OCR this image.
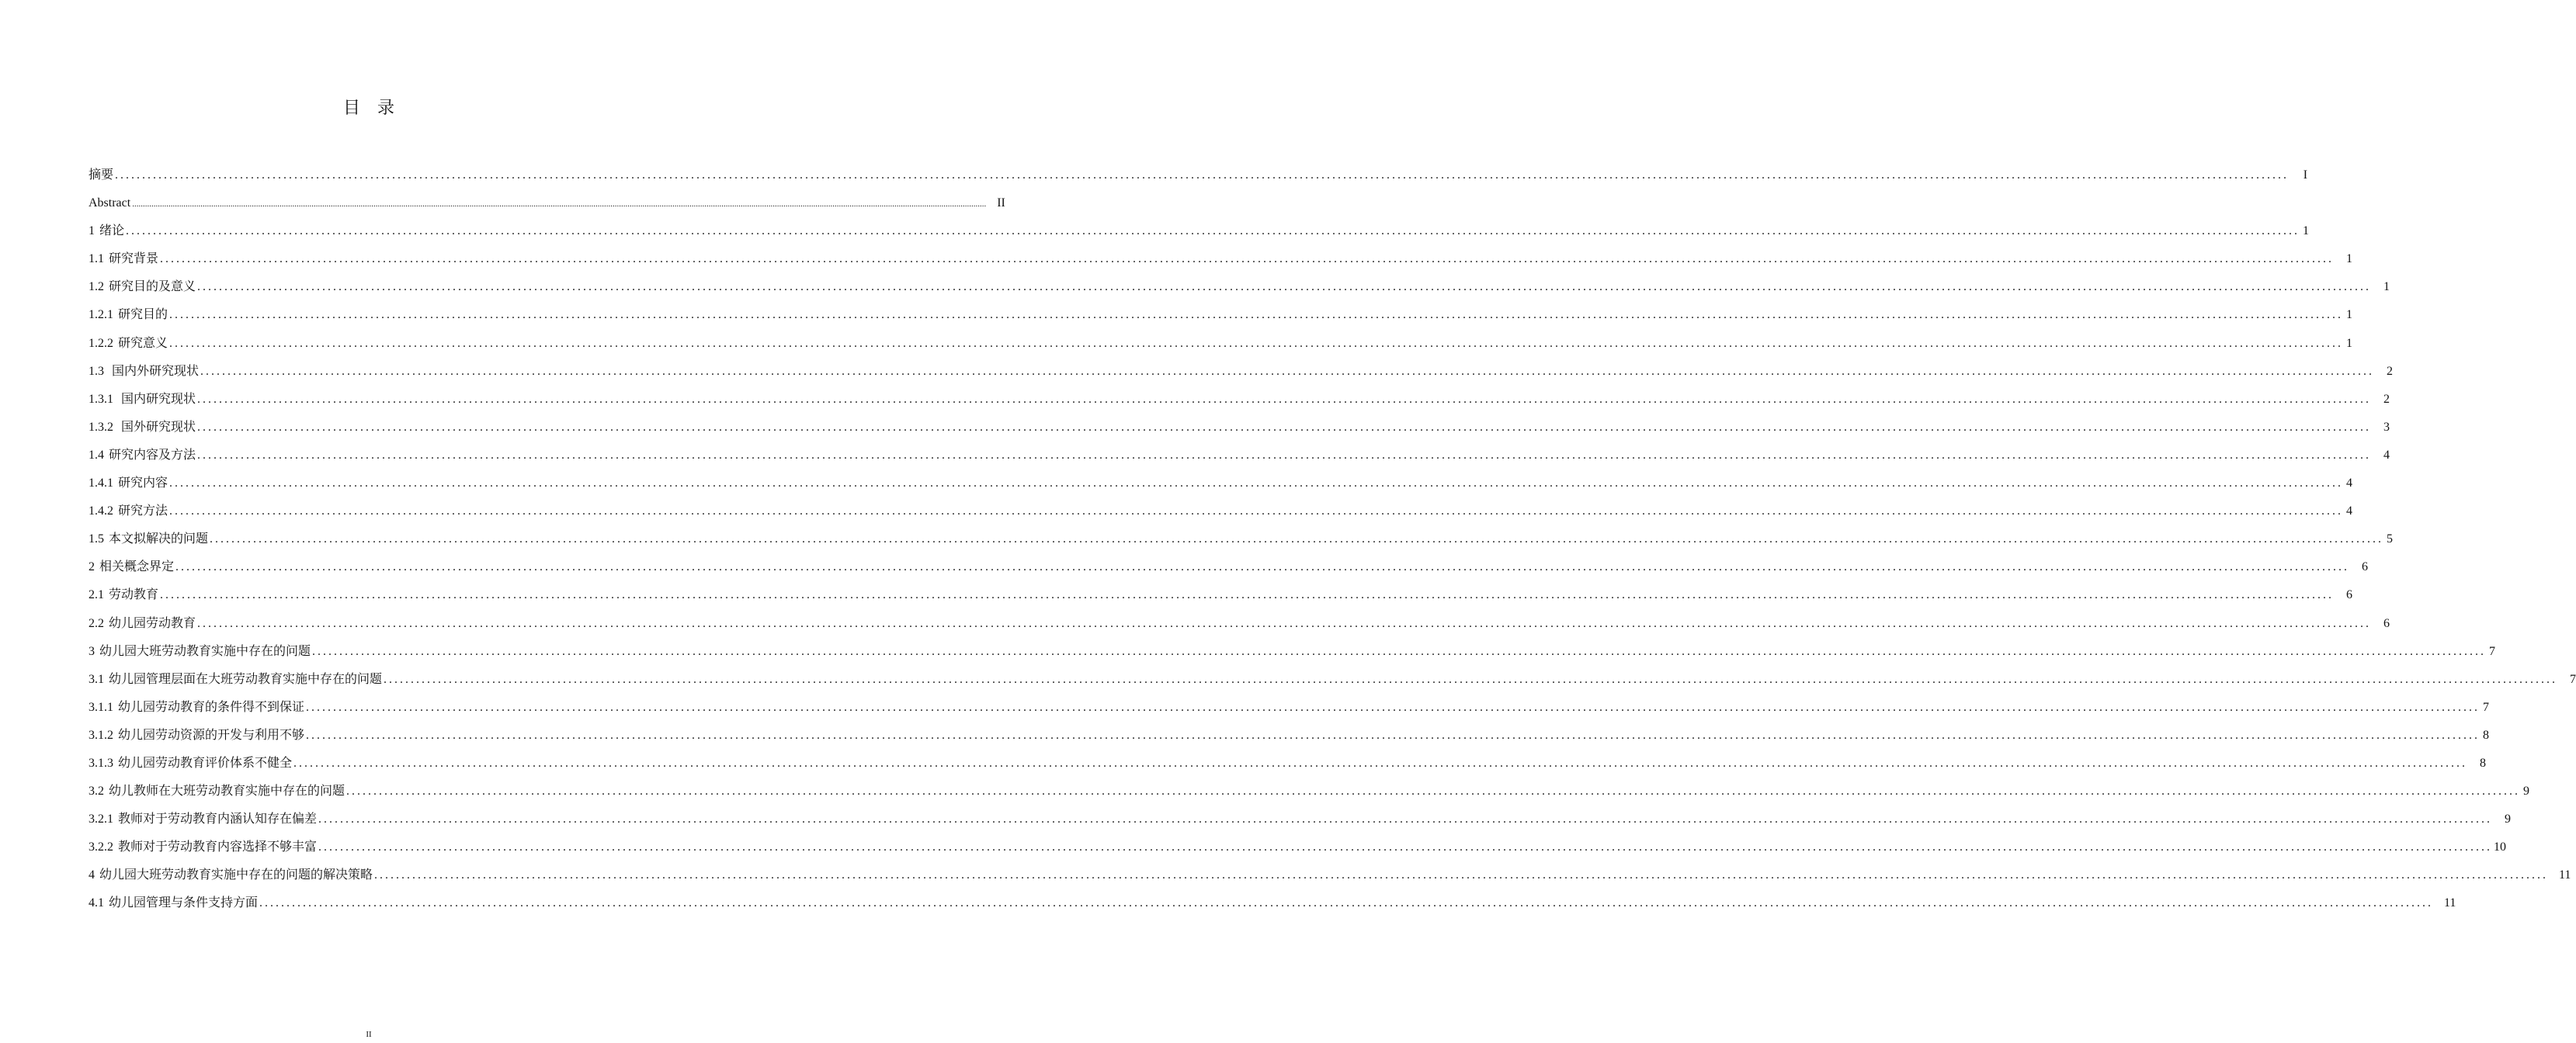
目　录
摘要 ................................................................................................................................................................................................................................................................................................................................................................................................................ I
Abstract ................................................................................................................................................................................................................................................................................................................................................................................................................ II
1 绪论 ................................................................................................................................................................................................................................................................................................................................................................................................................ 1
1.1 研究背景 ................................................................................................................................................................................................................................................................................................................................................................................................................ 1
1.2 研究目的及意义 ................................................................................................................................................................................................................................................................................................................................................................................................................ 1
1.2.1 研究目的 ................................................................................................................................................................................................................................................................................................................................................................................................................ 1
1.2.2 研究意义 ................................................................................................................................................................................................................................................................................................................................................................................................................ 1
1.3 国内外研究现状 ................................................................................................................................................................................................................................................................................................................................................................................................................ 2
1.3.1 国内研究现状 ................................................................................................................................................................................................................................................................................................................................................................................................................ 2
1.3.2 国外研究现状 ................................................................................................................................................................................................................................................................................................................................................................................................................ 3
1.4 研究内容及方法 ................................................................................................................................................................................................................................................................................................................................................................................................................ 4
1.4.1 研究内容 ................................................................................................................................................................................................................................................................................................................................................................................................................ 4
1.4.2 研究方法 ................................................................................................................................................................................................................................................................................................................................................................................................................ 4
1.5 本文拟解决的问题 ................................................................................................................................................................................................................................................................................................................................................................................................................ 5
2 相关概念界定 ................................................................................................................................................................................................................................................................................................................................................................................................................ 6
2.1 劳动教育 ................................................................................................................................................................................................................................................................................................................................................................................................................ 6
2.2 幼儿园劳动教育 ................................................................................................................................................................................................................................................................................................................................................................................................................ 6
3 幼儿园大班劳动教育实施中存在的问题 ................................................................................................................................................................................................................................................................................................................................................................................................................ 7
3.1 幼儿园管理层面在大班劳动教育实施中存在的问题 ................................................................................................................................................................................................................................................................................................................................................................................................................ 7
3.1.1 幼儿园劳动教育的条件得不到保证 ................................................................................................................................................................................................................................................................................................................................................................................................................ 7
3.1.2 幼儿园劳动资源的开发与利用不够 ................................................................................................................................................................................................................................................................................................................................................................................................................ 8
3.1.3 幼儿园劳动教育评价体系不健全 ................................................................................................................................................................................................................................................................................................................................................................................................................ 8
3.2 幼儿教师在大班劳动教育实施中存在的问题 ................................................................................................................................................................................................................................................................................................................................................................................................................ 9
3.2.1 教师对于劳动教育内涵认知存在偏差 ................................................................................................................................................................................................................................................................................................................................................................................................................ 9
3.2.2 教师对于劳动教育内容选择不够丰富 ................................................................................................................................................................................................................................................................................................................................................................................................................ 10
4 幼儿园大班劳动教育实施中存在的问题的解决策略 ................................................................................................................................................................................................................................................................................................................................................................................................................ 11
4.1 幼儿园管理与条件支持方面 ................................................................................................................................................................................................................................................................................................................................................................................................................ 11
II
